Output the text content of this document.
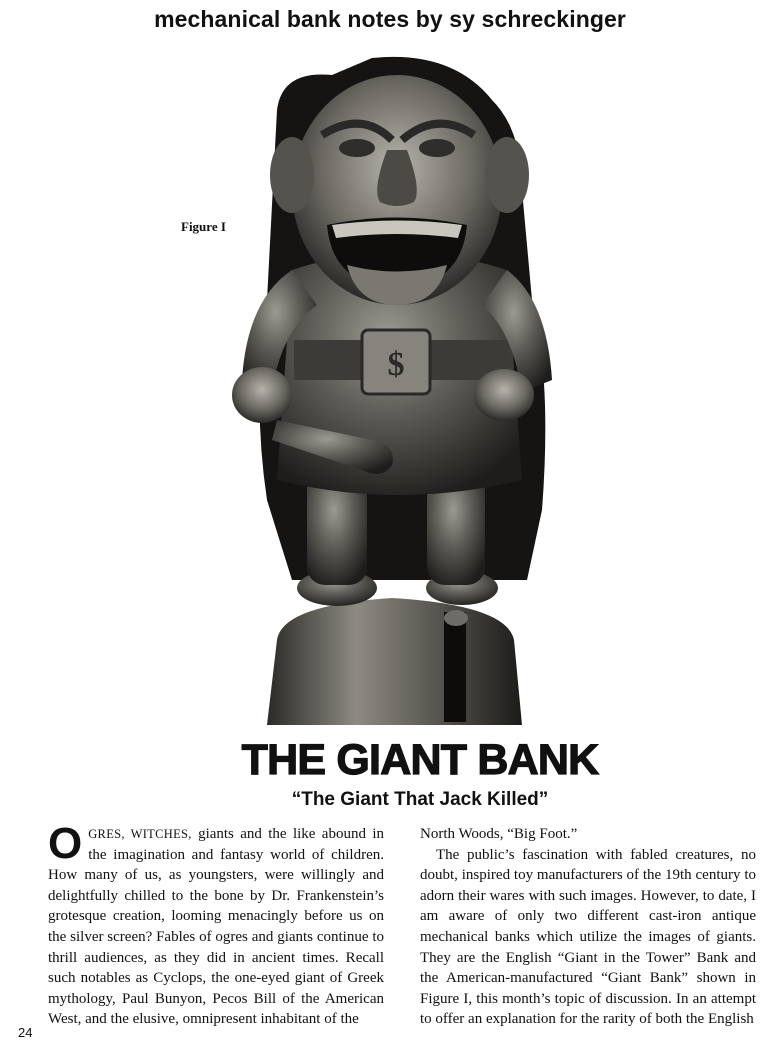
mechanical bank notes by sy schreckinger
Figure I
$
THE GIANT BANK
“The Giant That Jack Killed”
OGRES, WITCHES, giants and the like abound in the imagination and fantasy world of children. How many of us, as youngsters, were willingly and delightfully chilled to the bone by Dr. Frankenstein’s grotesque creation, looming menacingly before us on the silver screen? Fables of ogres and giants continue to thrill audiences, as they did in ancient times. Recall such notables as Cyclops, the one-eyed giant of Greek mythology, Paul Bunyon, Pecos Bill of the American West, and the elusive, omnipresent inhabitant of the
North Woods, “Big Foot.”
The public’s fascination with fabled creatures, no doubt, inspired toy manufacturers of the 19th century to adorn their wares with such images. However, to date, I am aware of only two different cast-iron antique mechanical banks which utilize the images of giants. They are the English “Giant in the Tower” Bank and the American-manufactured “Giant Bank” shown in Figure I, this month’s topic of discussion. In an attempt to offer an explanation for the rarity of both the English
24
